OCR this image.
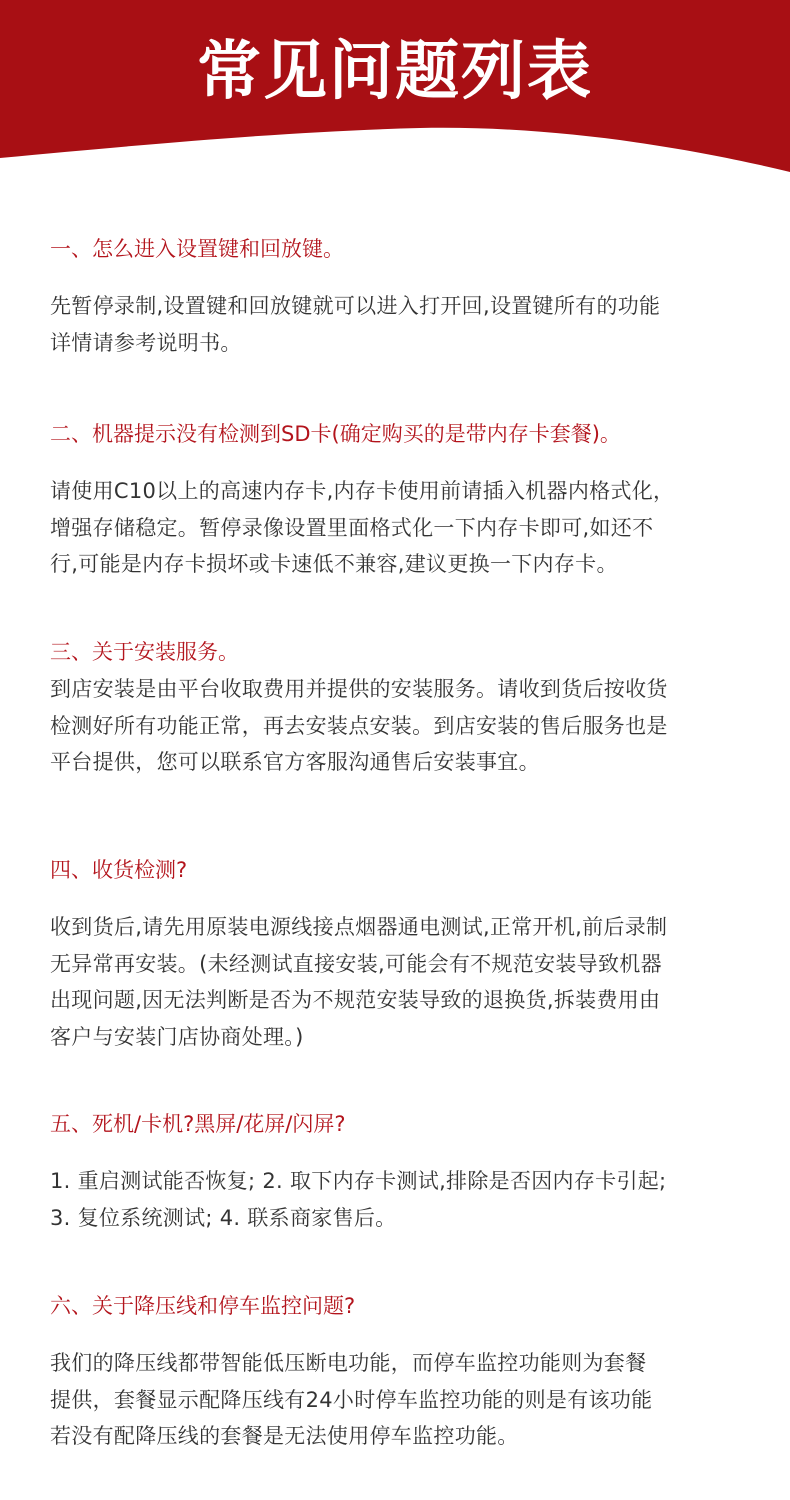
常见问题列表

一、怎么进入设置键和回放键。

先暂停录制,设置键和回放键就可以进入打开回,设置键所有的功能
详情请参考说明书。

二、机器提示没有检测到SD卡(确定购买的是带内存卡套餐)。

请使用C10以上的高速内存卡,内存卡使用前请插入机器内格式化，
增强存储稳定。暂停录像设置里面格式化一下内存卡即可,如还不
行,可能是内存卡损坏或卡速低不兼容,建议更换一下内存卡。

三、关于安装服务。

到店安装是由平台收取费用并提供的安装服务。请收到货后按收货
检测好所有功能正常，再去安装点安装。到店安装的售后服务也是
平台提供，您可以联系官方客服沟通售后安装事宜。

四、收货检测?

收到货后,请先用原装电源线接点烟器通电测试,正常开机,前后录制
无异常再安装。(未经测试直接安装,可能会有不规范安装导致机器
出现问题,因无法判断是否为不规范安装导致的退换货,拆装费用由
客户与安装门店协商处理。)

五、死机/卡机?黑屏/花屏/闪屏?

1. 重启测试能否恢复; 2. 取下内存卡测试,排除是否因内存卡引起;
3. 复位系统测试; 4. 联系商家售后。

六、关于降压线和停车监控问题?

我们的降压线都带智能低压断电功能，而停车监控功能则为套餐
提供，套餐显示配降压线有24小时停车监控功能的则是有该功能
若没有配降压线的套餐是无法使用停车监控功能。
